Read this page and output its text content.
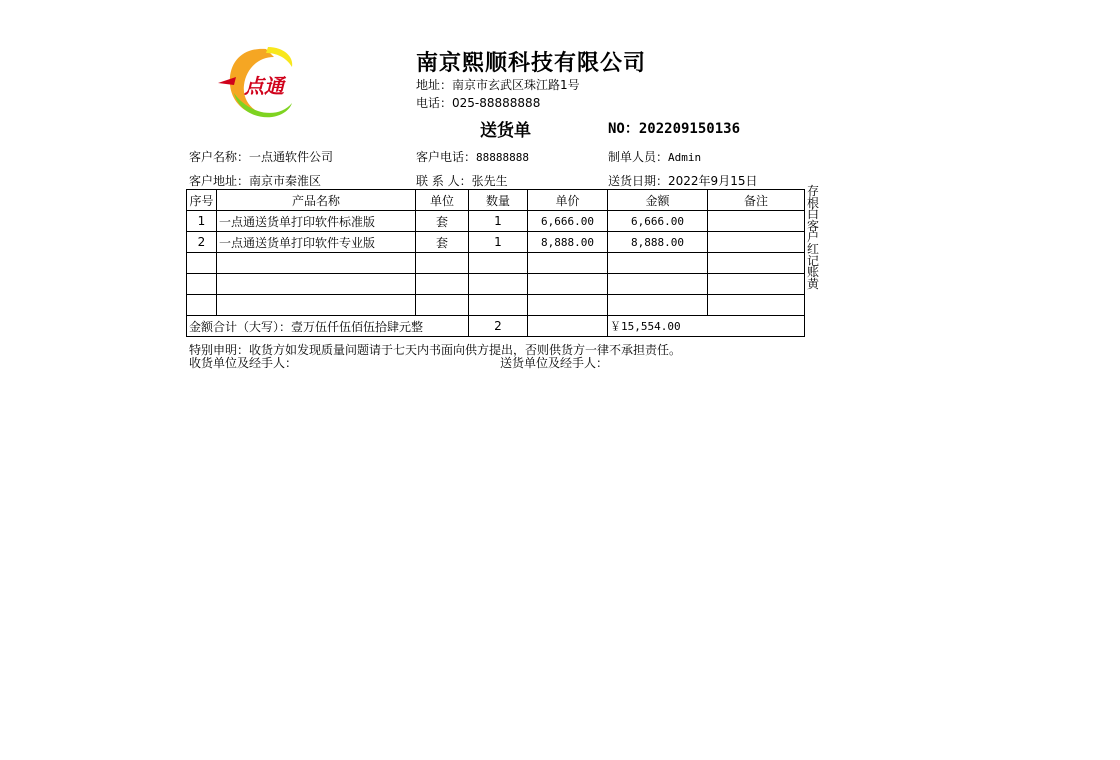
点通
南京熙顺科技有限公司
地址：南京市玄武区珠江路1号
电话：025-88888888
送货单	NO：202209150136
客户名称：一点通软件公司	客户电话：88888888	制单人员：Admin
客户地址：南京市秦淮区	联 系 人：张先生	送货日期：2022年9月15日
序号	产品名称	单位	数量	单价	金额	备注
1	一点通送货单打印软件标准版	套	1	6,666.00	6,666.00	
2	一点通送货单打印软件专业版	套	1	8,888.00	8,888.00	

金额合计（大写）：壹万伍仟伍佰伍拾肆元整			2		￥15,554.00	
存
根
白
客
户
红
记
账
黄
特别申明：收货方如发现质量问题请于七天内书面向供方提出，否则供货方一律不承担责任。
收货单位及经手人：	送货单位及经手人：
